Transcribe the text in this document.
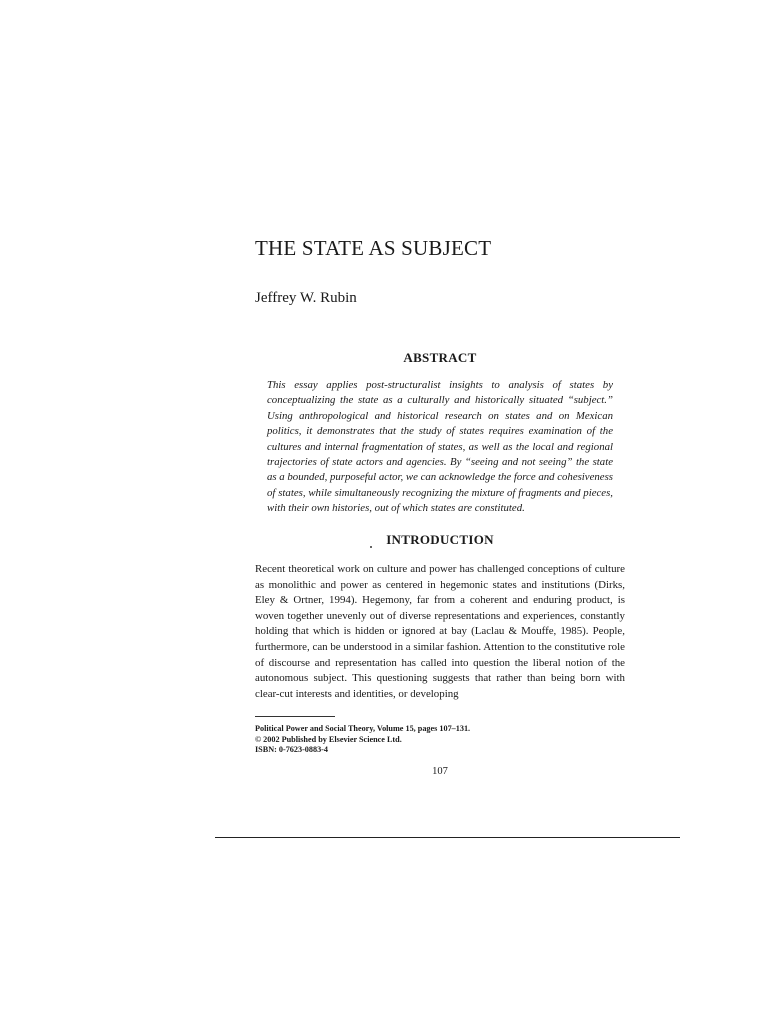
THE STATE AS SUBJECT

Jeffrey W. Rubin

ABSTRACT

This essay applies post-structuralist insights to analysis of states by conceptualizing the state as a culturally and historically situated “subject.” Using anthropological and historical research on states and on Mexican politics, it demonstrates that the study of states requires examination of the cultures and internal fragmentation of states, as well as the local and regional trajectories of state actors and agencies. By “seeing and not seeing” the state as a bounded, purposeful actor, we can acknowledge the force and cohesiveness of states, while simultaneously recognizing the mixture of fragments and pieces, with their own histories, out of which states are constituted.

INTRODUCTION

Recent theoretical work on culture and power has challenged conceptions of culture as monolithic and power as centered in hegemonic states and institutions (Dirks, Eley & Ortner, 1994). Hegemony, far from a coherent and enduring product, is woven together unevenly out of diverse representations and experiences, constantly holding that which is hidden or ignored at bay (Laclau & Mouffe, 1985). People, furthermore, can be understood in a similar fashion. Attention to the constitutive role of discourse and representation has called into question the liberal notion of the autonomous subject. This questioning suggests that rather than being born with clear-cut interests and identities, or developing

Political Power and Social Theory, Volume 15, pages 107–131.
© 2002 Published by Elsevier Science Ltd.
ISBN: 0-7623-0883-4
107
